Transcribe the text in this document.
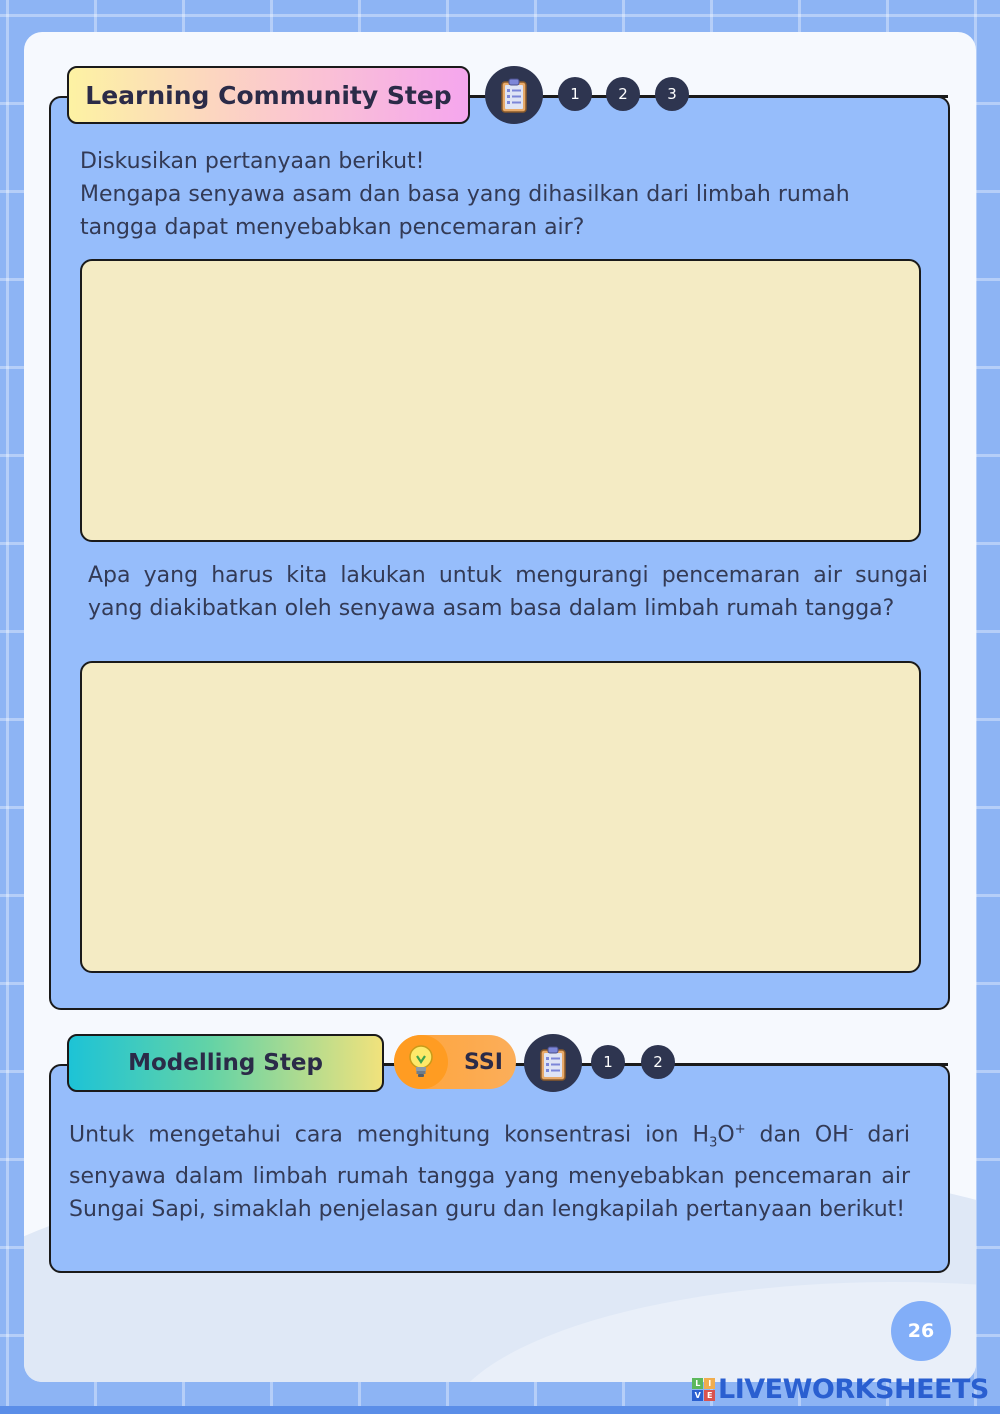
Learning Community Step	1	2	3

Diskusikan pertanyaan berikut!

Mengapa senyawa asam dan basa yang dihasilkan dari limbah rumah tangga dapat menyebabkan pencemaran air?

Apa yang harus kita lakukan untuk mengurangi pencemaran air sungai yang diakibatkan oleh senyawa asam basa dalam limbah rumah tangga?

Modelling Step	SSI	1	2

Untuk mengetahui cara menghitung konsentrasi ion $H_3O^+$ dan OH- dari senyawa dalam limbah rumah tangga yang menyebabkan pencemaran air Sungai Sapi, simaklah penjelasan guru dan lengkapilah pertanyaan berikut!

26
L	I
V E LIVEWORKSHEETS
